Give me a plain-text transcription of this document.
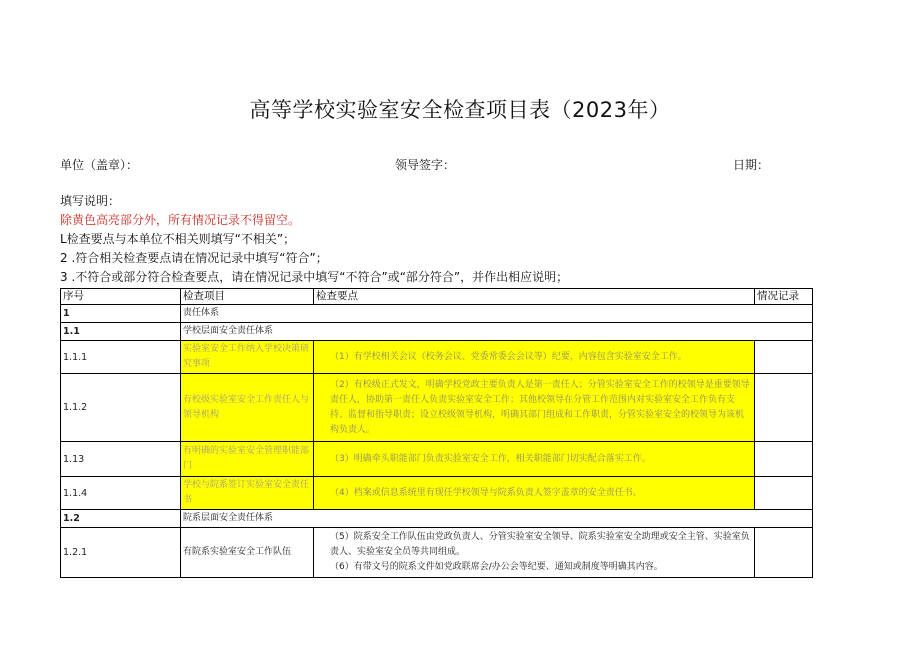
高等学校实验室安全检查项目表（2023年）
单位（盖章）：	领导签字：	日期：
填写说明：
除黄色高亮部分外，所有情况记录不得留空。
L检查要点与本单位不相关则填写“不相关”；
2 .符合相关检查要点请在情况记录中填写“符合”；
3 .不符合或部分符合检查要点，请在情况记录中填写“不符合”或“部分符合”，并作出相应说明；
序号	检查项目	检查要点	情况记录
1	责任体系		
1.1	学校层面安全责任体系		
1.1.1	实验室安全工作纳入学校决策研究事项	（1）有学校相关会议（校务会议、党委常委会会议等）纪要，内容包含实验室安全工作。	
1.1.2	有校级实验室安全工作责任人与领导机构	（2）有校级正式发文，明确学校党政主要负责人是第一责任人；分管实验室安全工作的校领导是重要领导责任人，协助第一责任人负责实验室安全工作；其他校领导在分管工作范围内对实验室安全工作负有支持、监督和指导职责；设立校级领导机构，明确其部门组成和工作职责，分管实验室安全的校领导为该机构负责人。	
1.13	有明确的实验室安全管理职能部门	（3）明确牵头职能部门负责实验室安全工作，相关职能部门切实配合落实工作。	
1.1.4	学校与院系签订实验室安全责任书	（4）档案或信息系统里有现任学校领导与院系负责人签字盖章的安全责任书。	
1.2	院系层面安全责任体系		
1.2.1	有院系实验室安全工作队伍	（5）院系安全工作队伍由党政负责人、分管实验室安全领导、院系实验室安全助理或安全主管、实验室负责人、实验室安全员等共同组成。
（6）有带文号的院系文件如党政联席会/办公会等纪要、通知或制度等明确其内容。	
